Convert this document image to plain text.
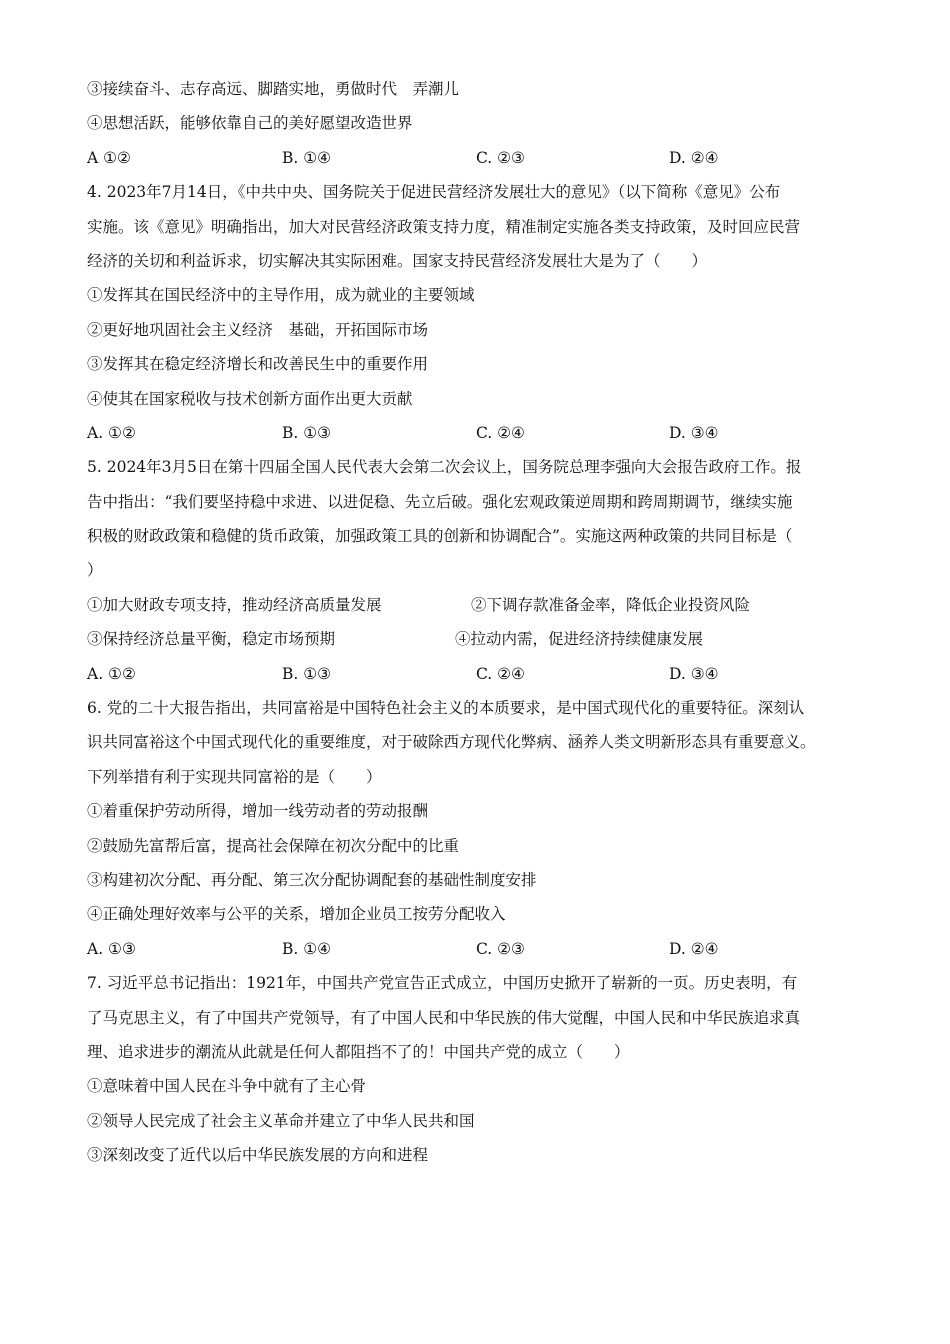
③接续奋斗、志存高远、脚踏实地，勇做时代　弄潮儿
④思想活跃，能够依靠自己的美好愿望改造世界
A ①②	B. ①④	C. ②③	D. ②④
4. 2023年7月14日，《中共中央、国务院关于促进民营经济发展壮大的意见》（以下简称《意见》公布
实施。该《意见》明确指出，加大对民营经济政策支持力度，精准制定实施各类支持政策，及时回应民营
经济的关切和利益诉求，切实解决其实际困难。国家支持民营经济发展壮大是为了（　　）
①发挥其在国民经济中的主导作用，成为就业的主要领域
②更好地巩固社会主义经济　基础，开拓国际市场
③发挥其在稳定经济增长和改善民生中的重要作用
④使其在国家税收与技术创新方面作出更大贡献
A. ①②	B. ①③	C. ②④	D. ③④
5. 2024年3月5日在第十四届全国人民代表大会第二次会议上，国务院总理李强向大会报告政府工作。报
告中指出：“我们要坚持稳中求进、以进促稳、先立后破。强化宏观政策逆周期和跨周期调节，继续实施
积极的财政政策和稳健的货币政策，加强政策工具的创新和协调配合”。实施这两种政策的共同目标是（
）
①加大财政专项支持，推动经济高质量发展	②下调存款准备金率，降低企业投资风险
③保持经济总量平衡，稳定市场预期	④拉动内需，促进经济持续健康发展
A. ①②	B. ①③	C. ②④	D. ③④
6. 党的二十大报告指出，共同富裕是中国特色社会主义的本质要求，是中国式现代化的重要特征。深刻认
识共同富裕这个中国式现代化的重要维度，对于破除西方现代化弊病、涵养人类文明新形态具有重要意义。
下列举措有利于实现共同富裕的是（　　）
①着重保护劳动所得，增加一线劳动者的劳动报酬
②鼓励先富帮后富，提高社会保障在初次分配中的比重
③构建初次分配、再分配、第三次分配协调配套的基础性制度安排
④正确处理好效率与公平的关系，增加企业员工按劳分配收入
A. ①③	B. ①④	C. ②③	D. ②④
7. 习近平总书记指出：1921年，中国共产党宣告正式成立，中国历史掀开了崭新的一页。历史表明，有
了马克思主义，有了中国共产党领导，有了中国人民和中华民族的伟大觉醒，中国人民和中华民族追求真
理、追求进步的潮流从此就是任何人都阻挡不了的！中国共产党的成立（　　）
①意味着中国人民在斗争中就有了主心骨
②领导人民完成了社会主义革命并建立了中华人民共和国
③深刻改变了近代以后中华民族发展的方向和进程
